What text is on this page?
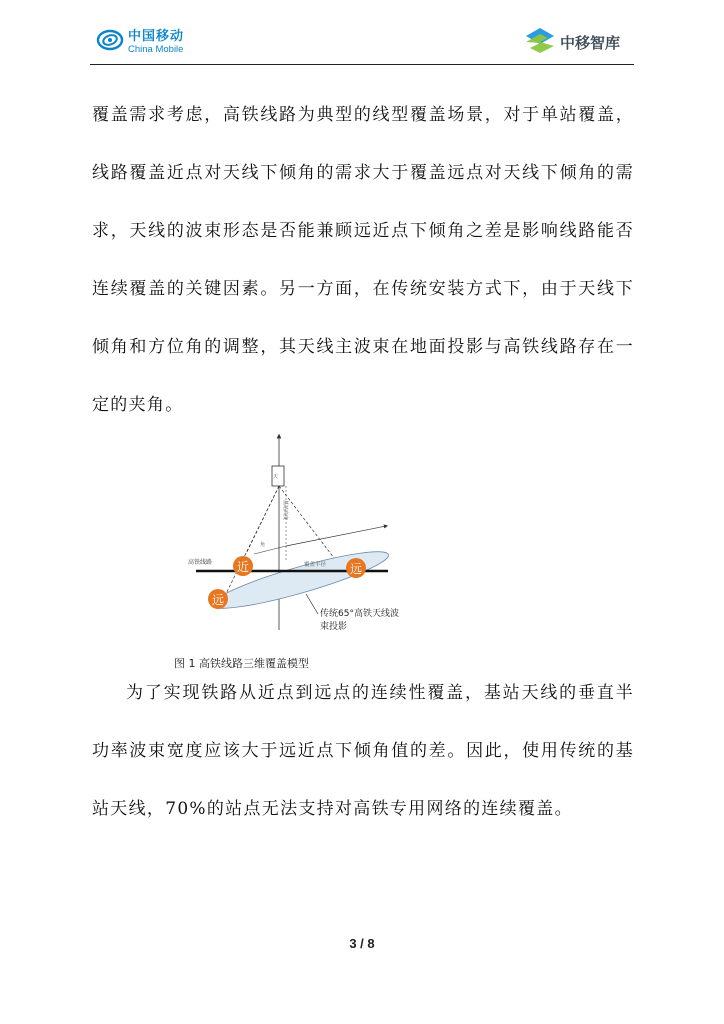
中国移动
China Mobile	中移智库

覆盖需求考虑，高铁线路为典型的线型覆盖场景，对于单站覆盖，线路覆盖近点对天线下倾角的需求大于覆盖远点对天线下倾角的需求，天线的波束形态是否能兼顾远近点下倾角之差是影响线路能否连续覆盖的关键因素。另一方面，在传统安装方式下，由于天线下倾角和方位角的调整，其天线主波束在地面投影与高铁线路存在一定的夹角。

高铁线路
基站高度
覆盖半径
角
天
近	远
远
传统65°高铁天线波
束投影
图 1 高铁线路三维覆盖模型

为了实现铁路从近点到远点的连续性覆盖，基站天线的垂直半功率波束宽度应该大于远近点下倾角值的差。因此，使用传统的基站天线，70%的站点无法支持对高铁专用网络的连续覆盖。

3 / 8
